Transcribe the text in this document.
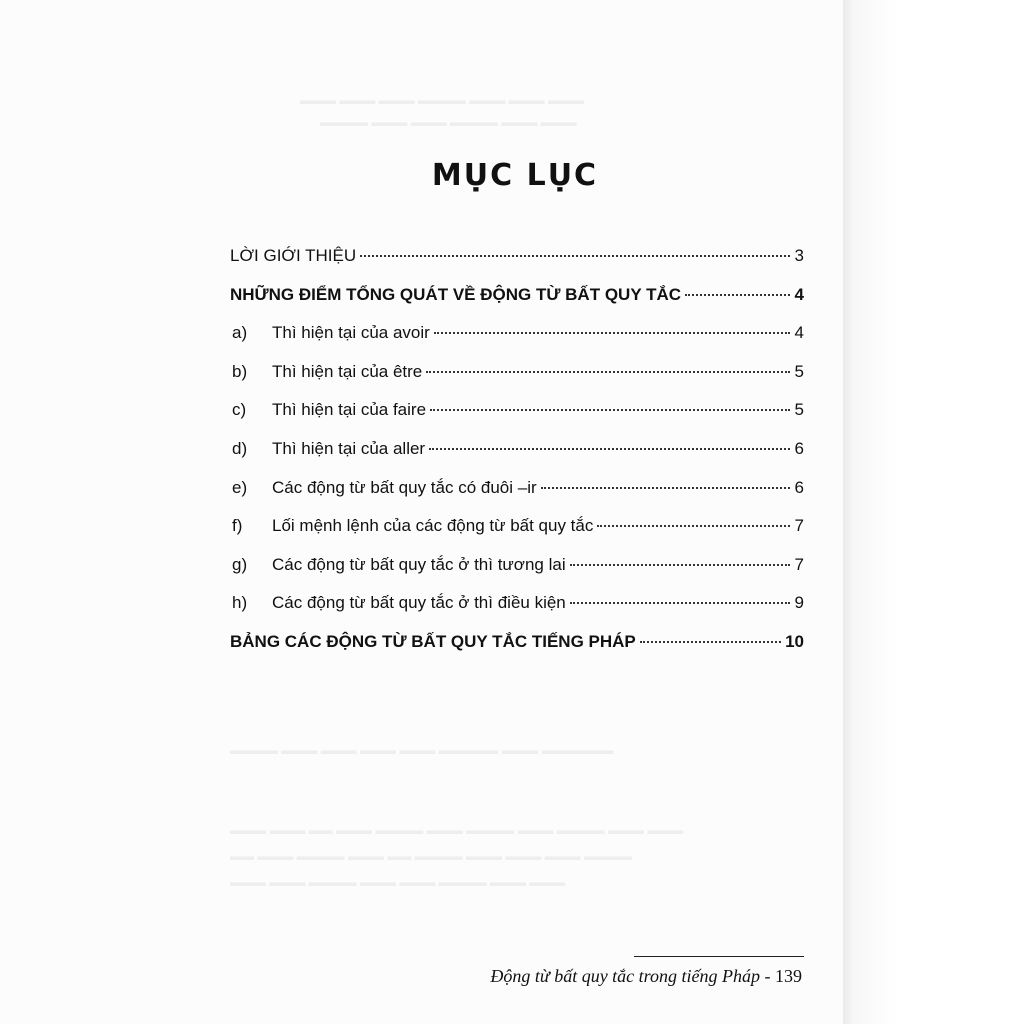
▬▬▬ ▬▬▬ ▬▬▬ ▬▬▬▬ ▬▬▬ ▬▬▬ ▬▬▬
▬▬▬▬ ▬▬▬ ▬▬▬ ▬▬▬▬ ▬▬▬ ▬▬▬
▬▬▬▬ ▬▬▬ ▬▬▬ ▬▬▬ ▬▬▬ ▬▬▬▬▬ ▬▬▬ ▬▬▬▬▬▬
▬▬▬ ▬▬▬ ▬▬ ▬▬▬ ▬▬▬▬ ▬▬▬ ▬▬▬▬ ▬▬▬ ▬▬▬▬ ▬▬▬ ▬▬▬
▬▬ ▬▬▬ ▬▬▬▬ ▬▬▬ ▬▬ ▬▬▬▬ ▬▬▬ ▬▬▬ ▬▬▬ ▬▬▬▬
▬▬▬ ▬▬▬ ▬▬▬▬ ▬▬▬ ▬▬▬ ▬▬▬▬ ▬▬▬ ▬▬▬
MỤC LỤC
LỜI GIỚI THIỆU	3
NHỮNG ĐIỂM TỔNG QUÁT VỀ ĐỘNG TỪ BẤT QUY TẮC	4
a)	Thì hiện tại của avoir	4
b)	Thì hiện tại của être	5
c)	Thì hiện tại của faire	5
d)	Thì hiện tại của aller	6
e)	Các động từ bất quy tắc có đuôi –ir	6
f)	Lối mệnh lệnh của các động từ bất quy tắc	7
g)	Các động từ bất quy tắc ở thì tương lai	7
h)	Các động từ bất quy tắc ở thì điều kiện	9
BẢNG CÁC ĐỘNG TỪ BẤT QUY TẮC TIẾNG PHÁP	10
Động từ bất quy tắc trong tiếng Pháp - 139
